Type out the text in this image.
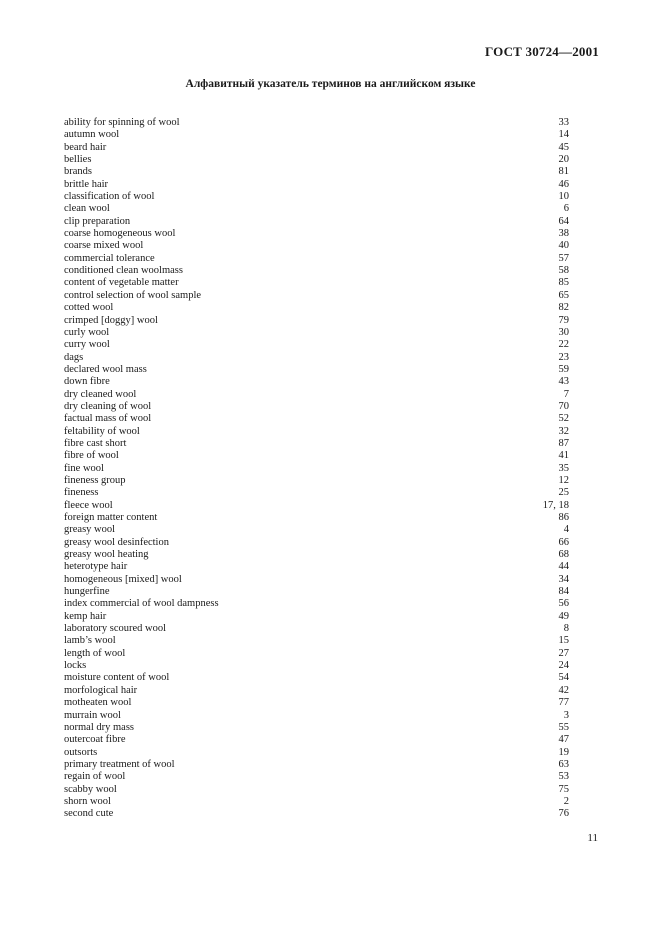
ГОСТ 30724—2001
Алфавитный указатель терминов на английском языке
ability for spinning of wool	33
autumn wool	14
beard hair	45
bellies	20
brands	81
brittle hair	46
classification of wool	10
clean wool	6
clip preparation	64
coarse homogeneous wool	38
coarse mixed wool	40
commercial tolerance	57
conditioned clean woolmass	58
content of vegetable matter	85
control selection of wool sample	65
cotted wool	82
crimped [doggy] wool	79
curly wool	30
curry wool	22
dags	23
declared wool mass	59
down fibre	43
dry cleaned wool	7
dry cleaning of wool	70
factual mass of wool	52
feltability of wool	32
fibre cast short	87
fibre of wool	41
fine wool	35
fineness group	12
fineness	25
fleece wool	17, 18
foreign matter content	86
greasy wool	4
greasy wool desinfection	66
greasy wool heating	68
heterotype hair	44
homogeneous [mixed] wool	34
hungerfine	84
index commercial of wool dampness	56
kemp hair	49
laboratory scoured wool	8
lamb’s wool	15
length of wool	27
locks	24
moisture content of wool	54
morfological hair	42
motheaten wool	77
murrain wool	3
normal dry mass	55
outercoat fibre	47
outsorts	19
primary treatment of wool	63
regain of wool	53
scabby wool	75
shorn wool	2
second cute	76
11
